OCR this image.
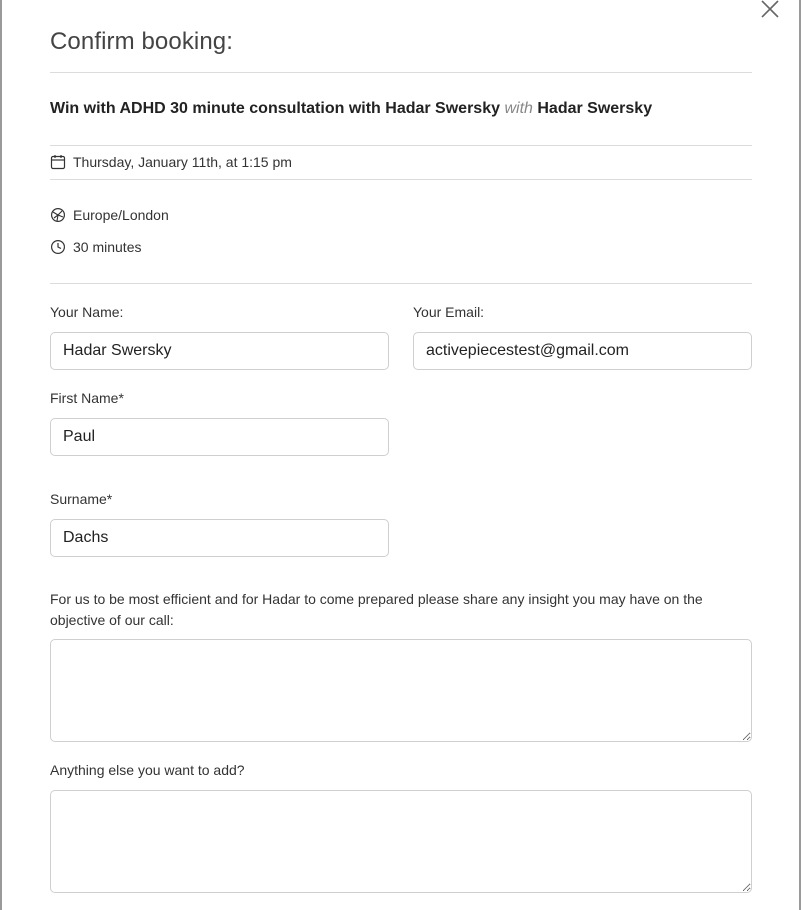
Confirm booking:
Win with ADHD 30 minute consultation with Hadar Swersky with Hadar Swersky
Thursday, January 11th, at 1:15 pm
Europe/London
30 minutes
Your Name:
Hadar Swersky	Your Email:
activepiecestest@gmail.com
First Name*
Paul
Surname*
Dachs
For us to be most efficient and for Hadar to come prepared please share any insight you may have on the objective of our call:
Anything else you want to add?
